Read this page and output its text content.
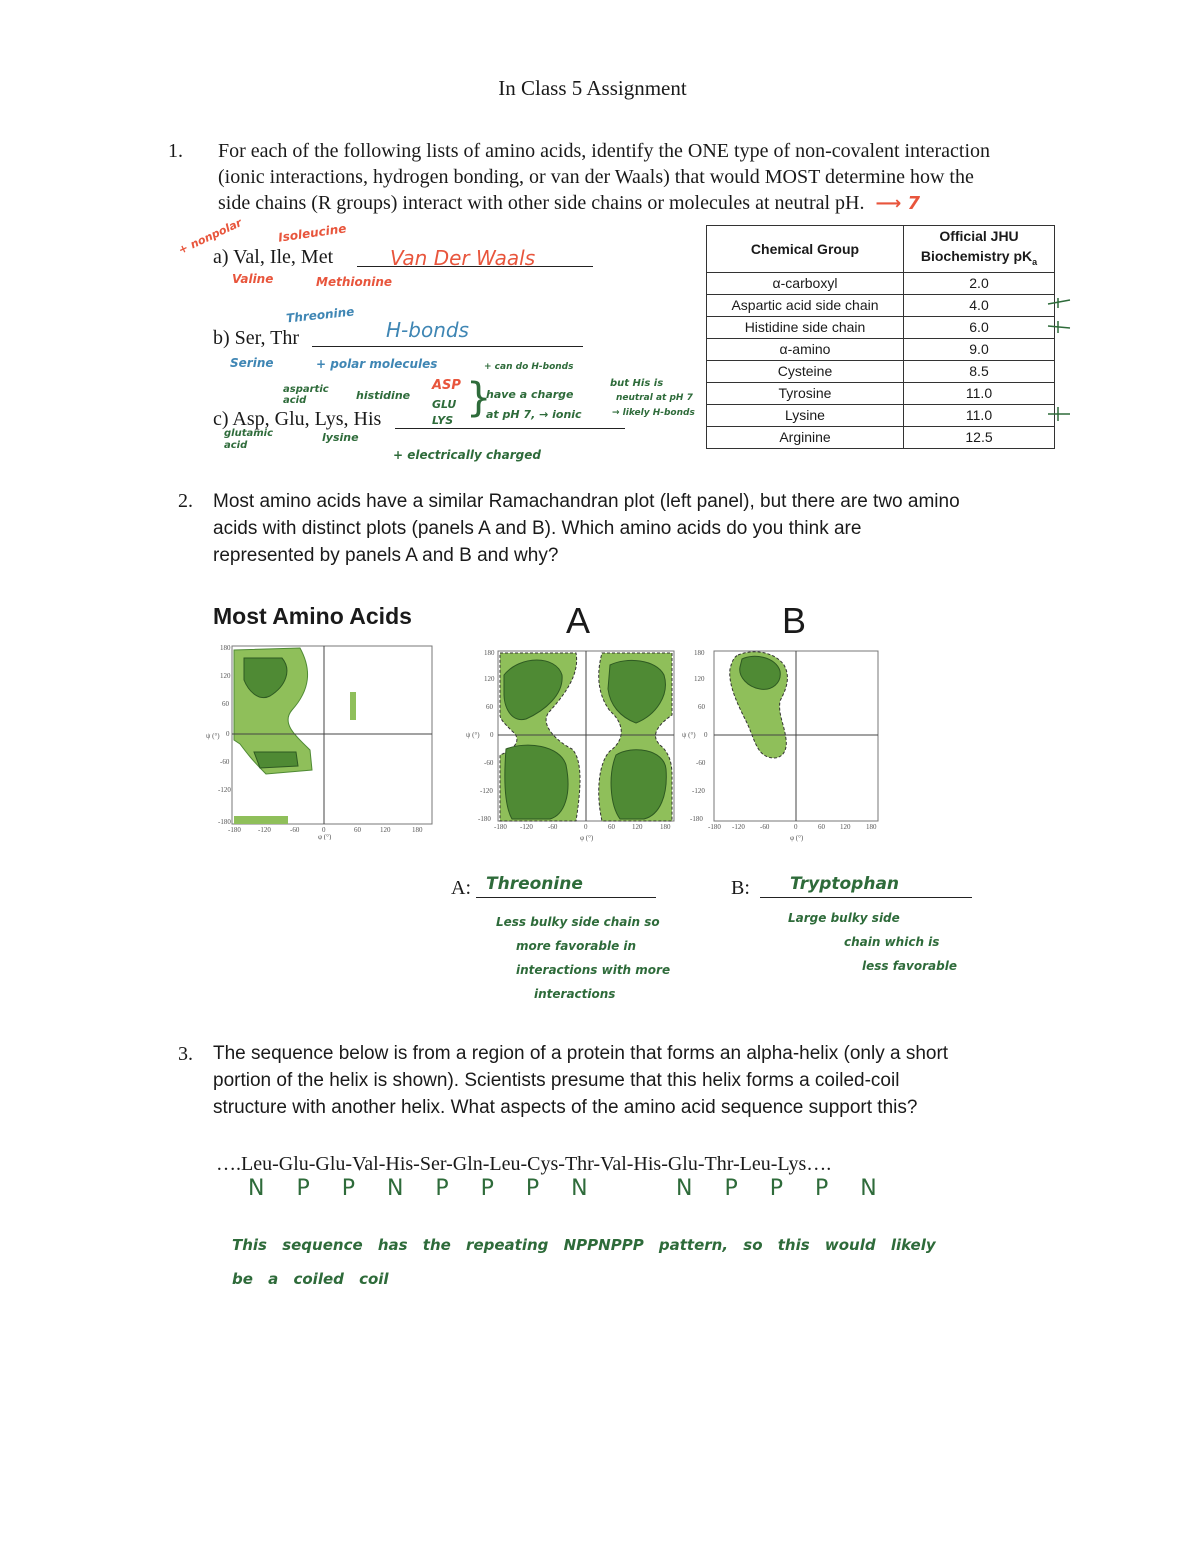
In Class 5 Assignment
1. For each of the following lists of amino acids, identify the ONE type of non-covalent interaction
(ionic interactions, hydrogen bonding, or van der Waals) that would MOST determine how the
side chains (R groups) interact with other side chains or molecules at neutral pH. ⟶ 7
+ nonpolar	Isoleucine
a) Val, Ile, Met	Van Der Waals
Valine	Methionine
Threonine
b) Ser, Thr	H-bonds
Serine	+ polar molecules
aspartic acid	histidine
ASP
GLU
LYS }
+ can do H-bonds
have a charge
at pH 7, → ionic
but His is
neutral at pH 7
→ likely H-bonds
c) Asp, Glu, Lys, His
glutamic acid
lysine
+ electrically charged
Chemical Group	Official JHU Biochemistry $pK_a$
α-carboxyl	2.0
Aspartic acid side chain	4.0
Histidine side chain	6.0
α-amino	9.0
Cysteine	8.5
Tyrosine	11.0
Lysine	11.0
Arginine	12.5
2. Most amino acids have a similar Ramachandran plot (left panel), but there are two amino
acids with distinct plots (panels A and B). Which amino acids do you think are
represented by panels A and B and why?
Most Amino Acids	A	B
180
120
60
0
-60
-120
-180
-180 -120	-60	0	60	120	180
φ (°)
ψ (°)
180
120
60
0
-60
-120
-180
-180 -120 -60	0	60 120	180
φ (°)
ψ (°)
180
120
60
0
-60
-120
-180
-180 -120 -60	0	60 120 180
φ (°)
ψ (°)
A: Threonine
Less bulky side chain so
more favorable in
interactions with more
interactions
B: Tryptophan
Large bulky side
chain which is
less favorable
3. The sequence below is from a region of a protein that forms an alpha-helix (only a short
portion of the helix is shown). Scientists presume that this helix forms a coiled-coil
structure with another helix. What aspects of the amino acid sequence support this?
….Leu-Glu-Glu-Val-His-Ser-Gln-Leu-Cys-Thr-Val-His-Glu-Thr-Leu-Lys….
N  P  P  N  P  P  P  N	N  P  P  P  N
This sequence has the repeating NPPNPPP pattern, so this would likely
be a coiled coil
